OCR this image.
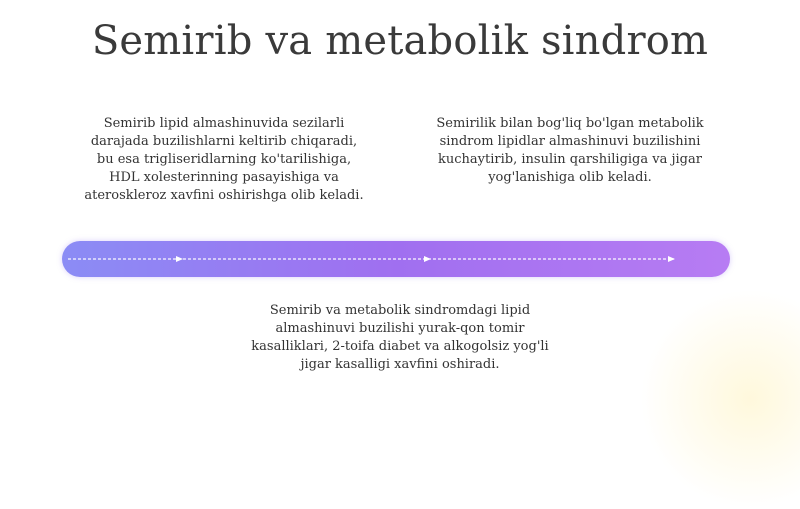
Semirib va metabolik sindrom

Semirib lipid almashinuvida sezilarli darajada buzilishlarni keltirib chiqaradi, bu esa trigliseridlarning ko'tarilishiga, HDL xolesterinning pasayishiga va ateroskleroz xavfini oshirishga olib keladi.

Semirilik bilan bog'liq bo'lgan metabolik sindrom lipidlar almashinuvi buzilishini kuchaytirib, insulin qarshiligiga va jigar yog'lanishiga olib keladi.

Semirib va metabolik sindromdagi lipid almashinuvi buzilishi yurak-qon tomir kasalliklari, 2-toifa diabet va alkogolsiz yog'li jigar kasalligi xavfini oshiradi.
